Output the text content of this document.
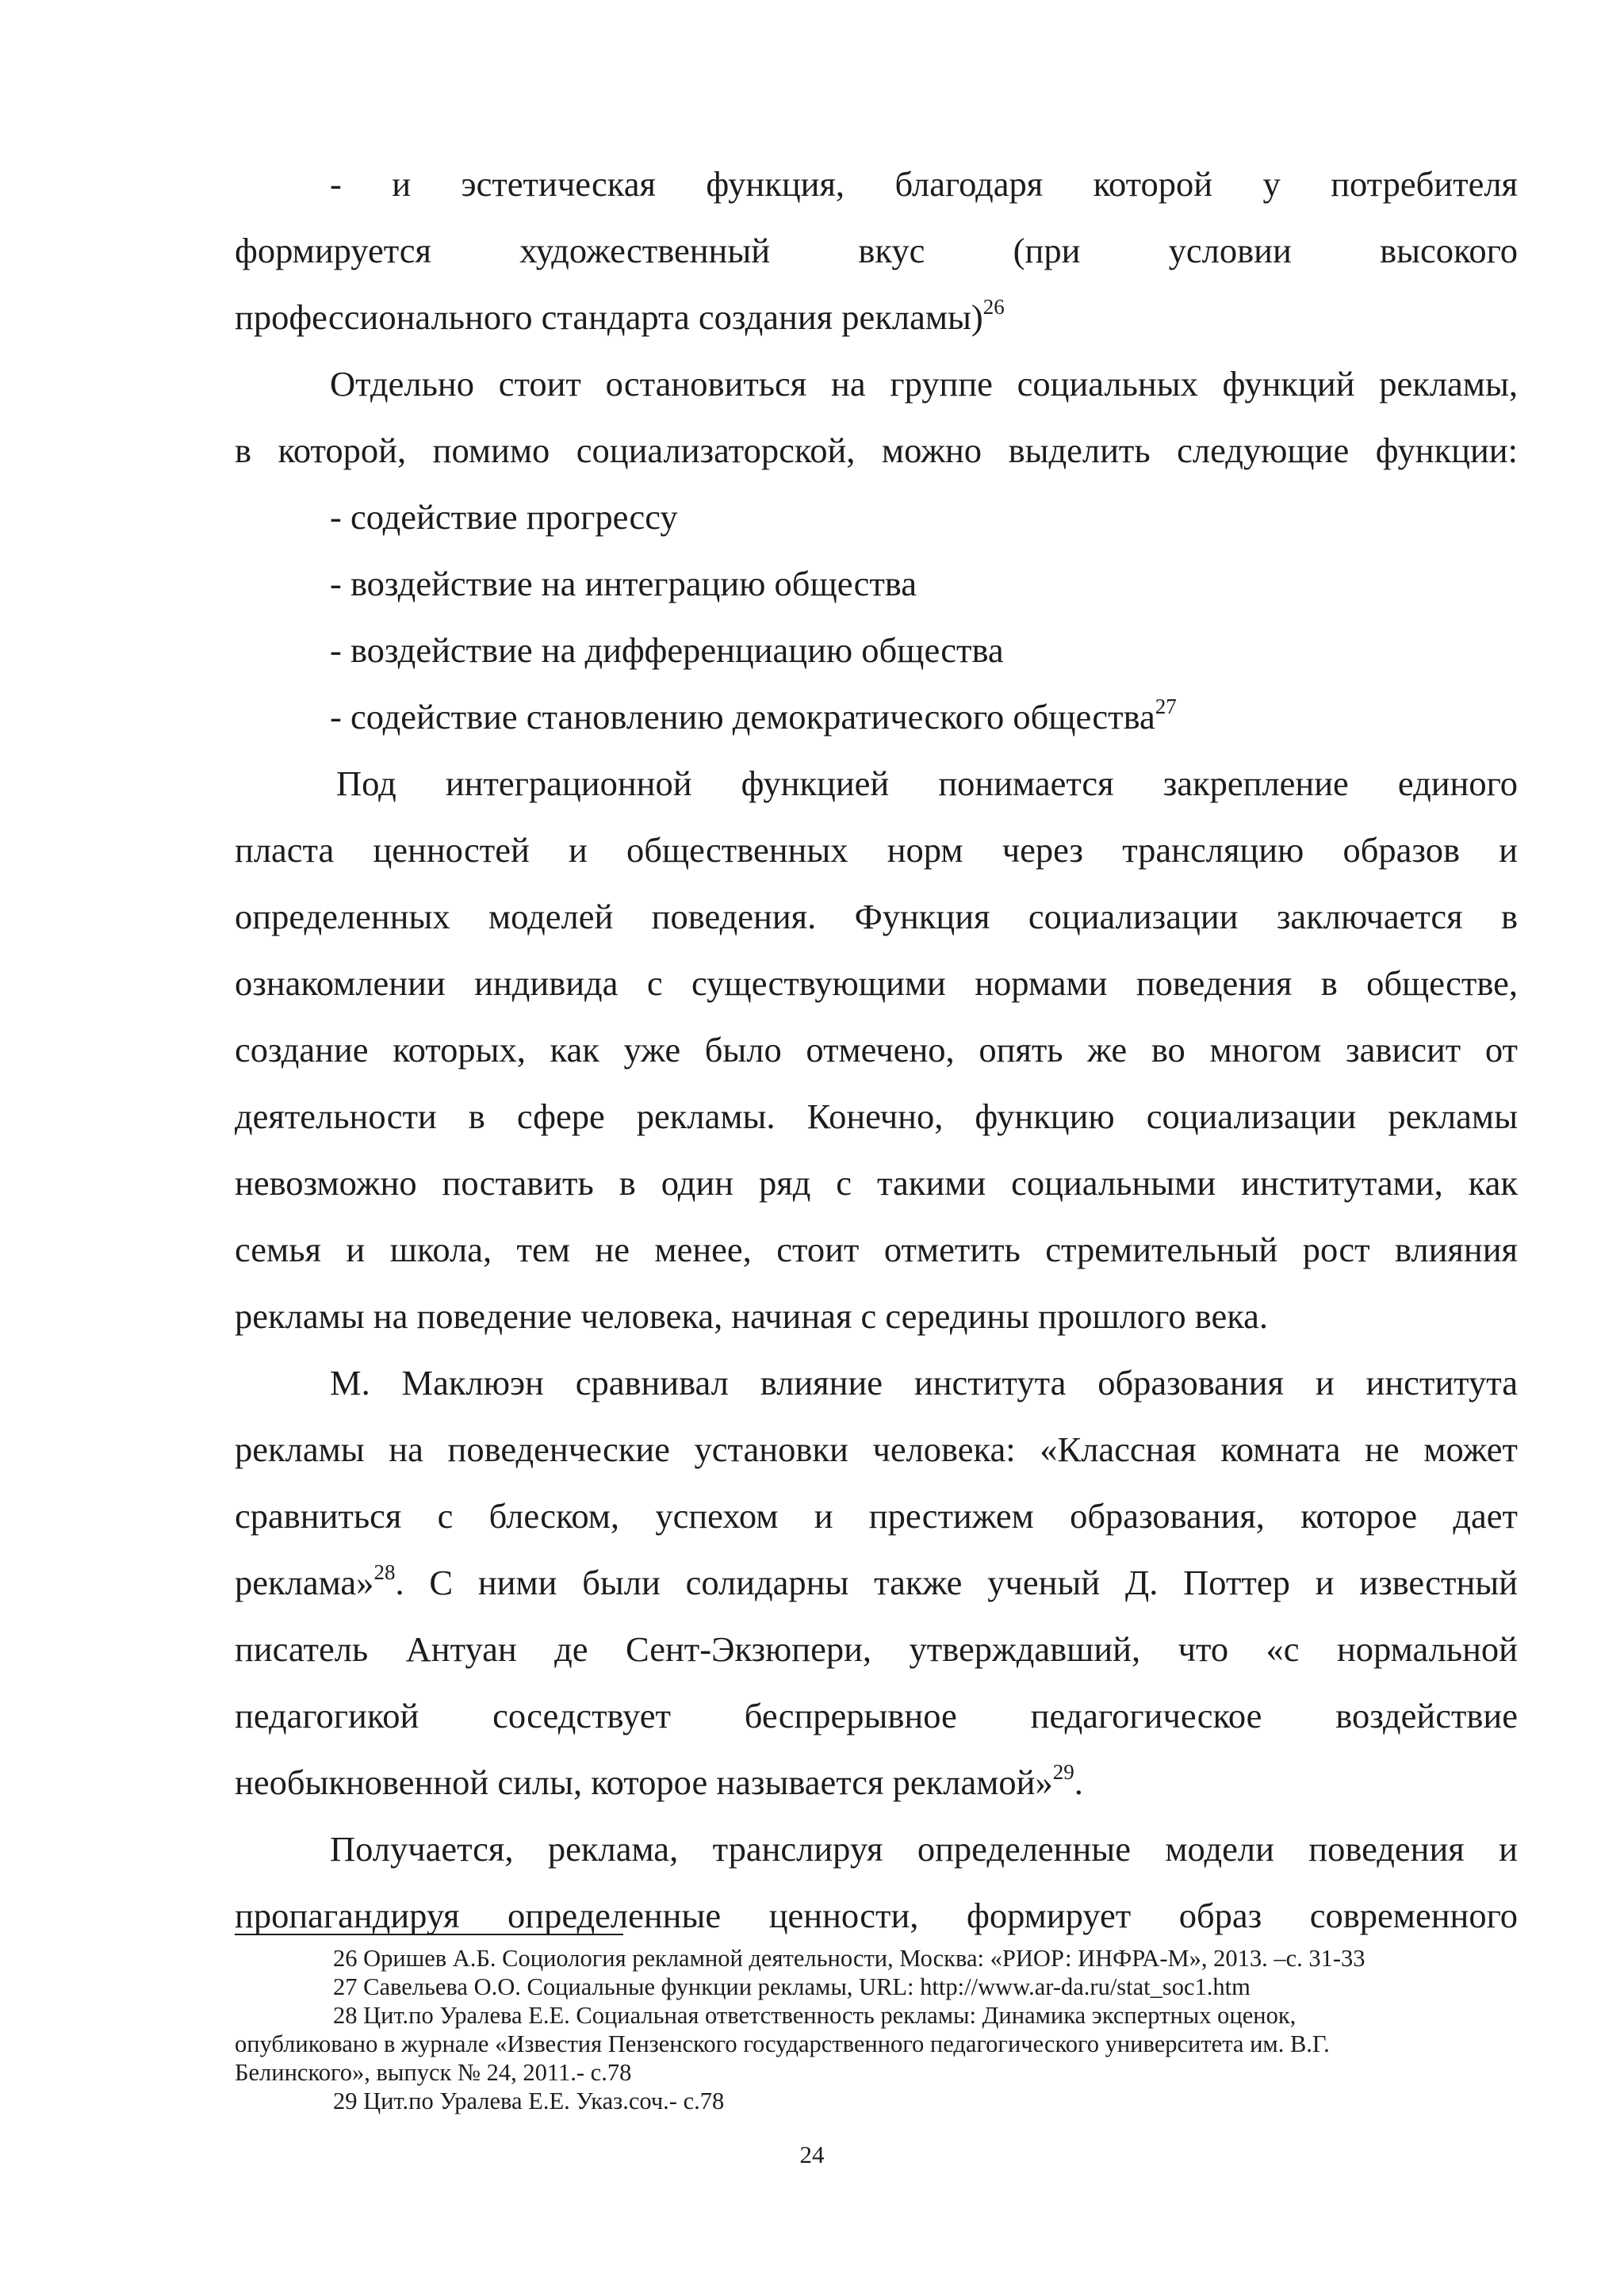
- и эстетическая функция, благодаря которой у потребителя
формируется художественный вкус (при условии высокого
профессионального стандарта создания рекламы)$^{26}$
Отдельно стоит остановиться на группе социальных функций рекламы,
в которой, помимо социализаторской, можно выделить следующие функции:
- содействие прогрессу
- воздействие на интеграцию общества
- воздействие на дифференциацию общества
- содействие становлению демократического общества$^{27}$
Под интеграционной функцией понимается закрепление единого
пласта ценностей и общественных норм через трансляцию образов и
определенных моделей поведения. Функция социализации заключается в
ознакомлении индивида с существующими нормами поведения в обществе,
создание которых, как уже было отмечено, опять же во многом зависит от
деятельности в сфере рекламы. Конечно, функцию социализации рекламы
невозможно поставить в один ряд с такими социальными институтами, как
семья и школа, тем не менее, стоит отметить стремительный рост влияния
рекламы на поведение человека, начиная с середины прошлого века.
М. Маклюэн сравнивал влияние института образования и института
рекламы на поведенческие установки человека: «Классная комната не может
сравниться с блеском, успехом и престижем образования, которое дает
реклама»$^{28}$. С ними были солидарны также ученый Д. Поттер и известный
писатель Антуан де Сент-Экзюпери, утверждавший, что «с нормальной
педагогикой соседствует беспрерывное педагогическое воздействие
необыкновенной силы, которое называется рекламой»$^{29}$.
Получается, реклама, транслируя определенные модели поведения и
пропагандируя определенные ценности, формирует образ современного
26 Оришев А.Б. Социология рекламной деятельности, Москва: «РИОР: ИНФРА-М», 2013. –с. 31-33
27 Савельева О.О. Социальные функции рекламы, URL: http://www.ar-da.ru/stat_soc1.htm
28 Цит.по Уралева Е.Е. Социальная ответственность рекламы: Динамика экспертных оценок,
опубликовано в журнале «Известия Пензенского государственного педагогического университета им. В.Г.
Белинского», выпуск № 24, 2011.- с.78
29 Цит.по Уралева Е.Е. Указ.соч.- с.78
24
